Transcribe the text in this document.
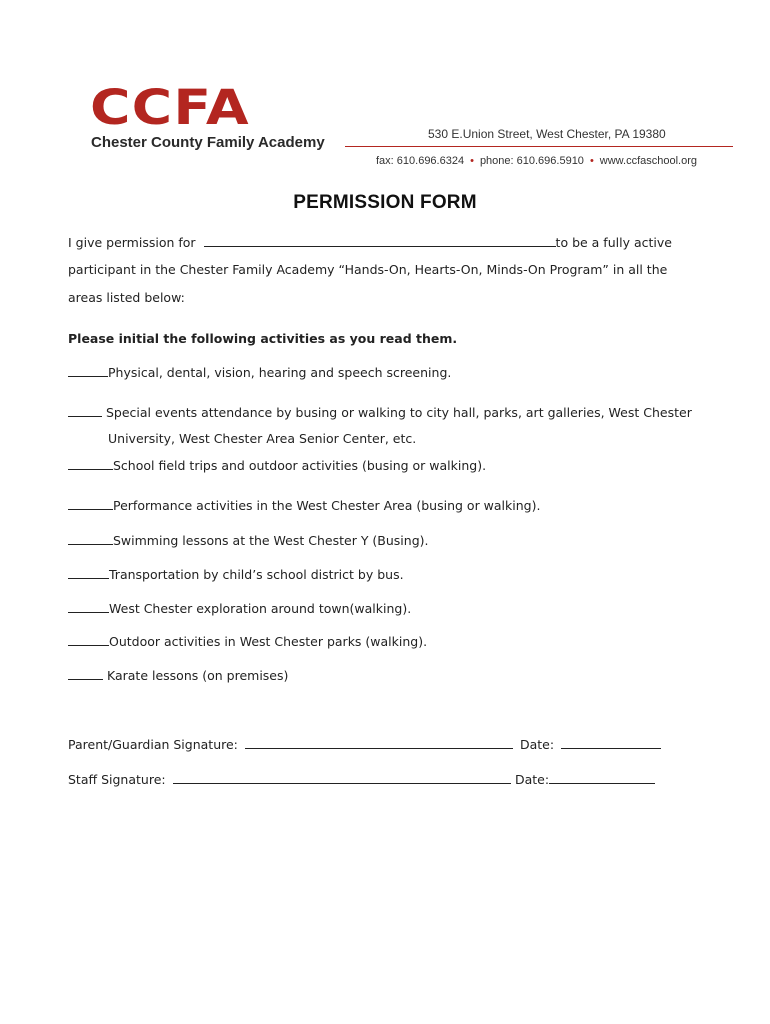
CCFA
Chester County Family Academy	530 E.Union Street, West Chester, PA 19380
fax: 610.696.6324 • phone: 610.696.5910 • www.ccfaschool.org
PERMISSION FORM
I give permission for	to be a fully active
participant in the Chester Family Academy “Hands-On, Hearts-On, Minds-On Program” in all the
areas listed below:
Please initial the following activities as you read them.
Physical, dental, vision, hearing and speech screening.
Special events attendance by busing or walking to city hall, parks, art galleries, West Chester
University, West Chester Area Senior Center, etc.
School field trips and outdoor activities (busing or walking).
Performance activities in the West Chester Area (busing or walking).
Swimming lessons at the West Chester Y (Busing).
Transportation by child’s school district by bus.
West Chester exploration around town(walking).
Outdoor activities in West Chester parks (walking).
Karate lessons (on premises)
Parent/Guardian Signature:	Date:
Staff Signature:	Date:
